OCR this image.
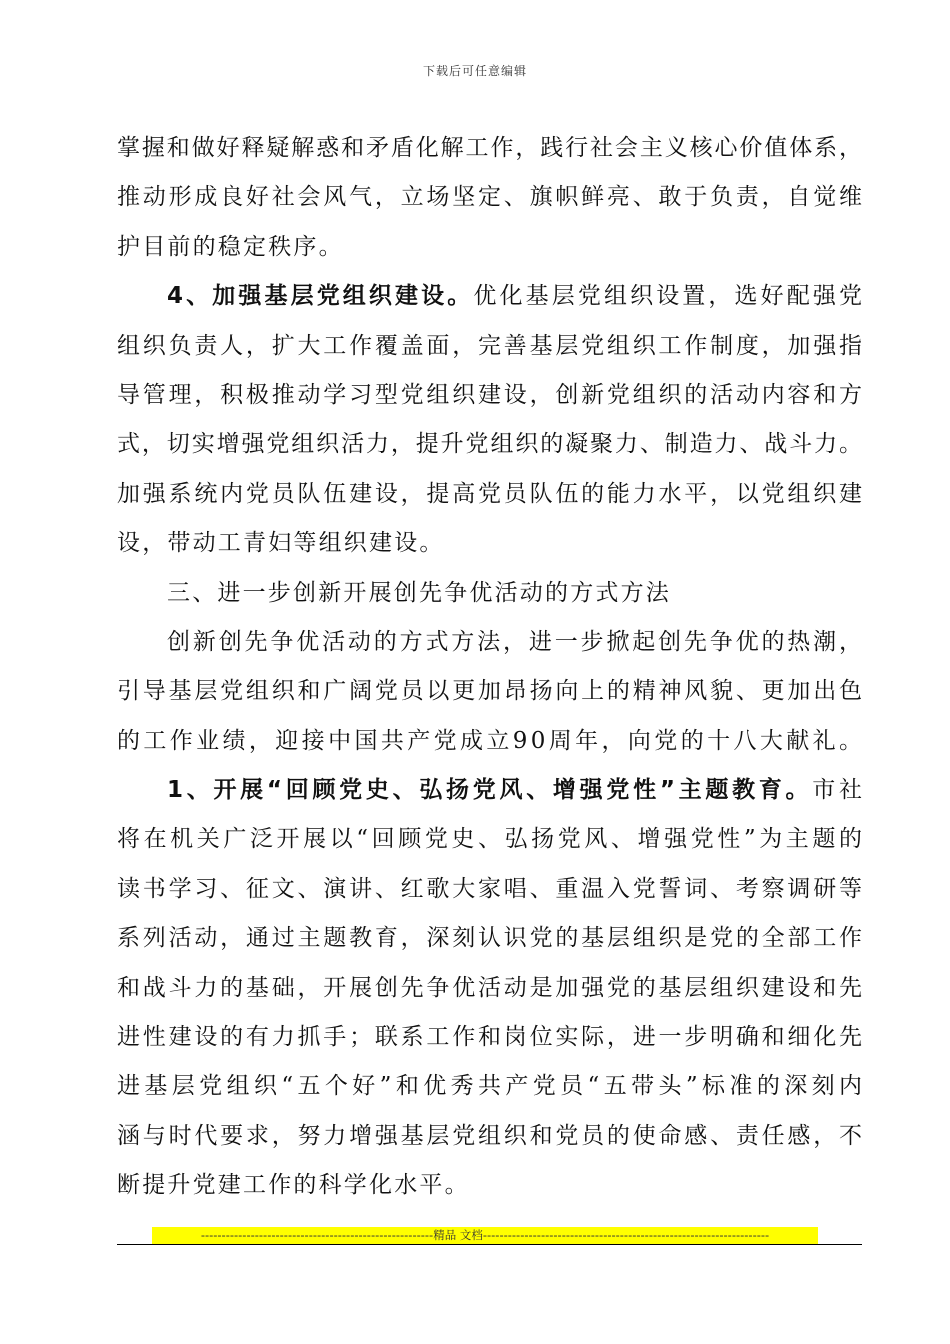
下载后可任意编辑
掌握和做好释疑解惑和矛盾化解工作，践行社会主义核心价值体系，
推动形成良好社会风气，立场坚定、旗帜鲜亮、敢于负责，自觉维
护目前的稳定秩序。
4、加强基层党组织建设。优化基层党组织设置，选好配强党
组织负责人，扩大工作覆盖面，完善基层党组织工作制度，加强指
导管理，积极推动学习型党组织建设，创新党组织的活动内容和方
式，切实增强党组织活力，提升党组织的凝聚力、制造力、战斗力。
加强系统内党员队伍建设，提高党员队伍的能力水平，以党组织建
设，带动工青妇等组织建设。
三、进一步创新开展创先争优活动的方式方法
创新创先争优活动的方式方法，进一步掀起创先争优的热潮，
引导基层党组织和广阔党员以更加昂扬向上的精神风貌、更加出色
的工作业绩，迎接中国共产党成立90周年，向党的十八大献礼。
1、开展“回顾党史、弘扬党风、增强党性”主题教育。市社
将在机关广泛开展以“回顾党史、弘扬党风、增强党性”为主题的
读书学习、征文、演讲、红歌大家唱、重温入党誓词、考察调研等
系列活动，通过主题教育，深刻认识党的基层组织是党的全部工作
和战斗力的基础，开展创先争优活动是加强党的基层组织建设和先
进性建设的有力抓手；联系工作和岗位实际，进一步明确和细化先
进基层党组织“五个好”和优秀共产党员“五带头”标准的深刻内
涵与时代要求，努力增强基层党组织和党员的使命感、责任感，不
断提升党建工作的科学化水平。
--------------------------------------------------------精品 文档---------------------------------------------------------------------
